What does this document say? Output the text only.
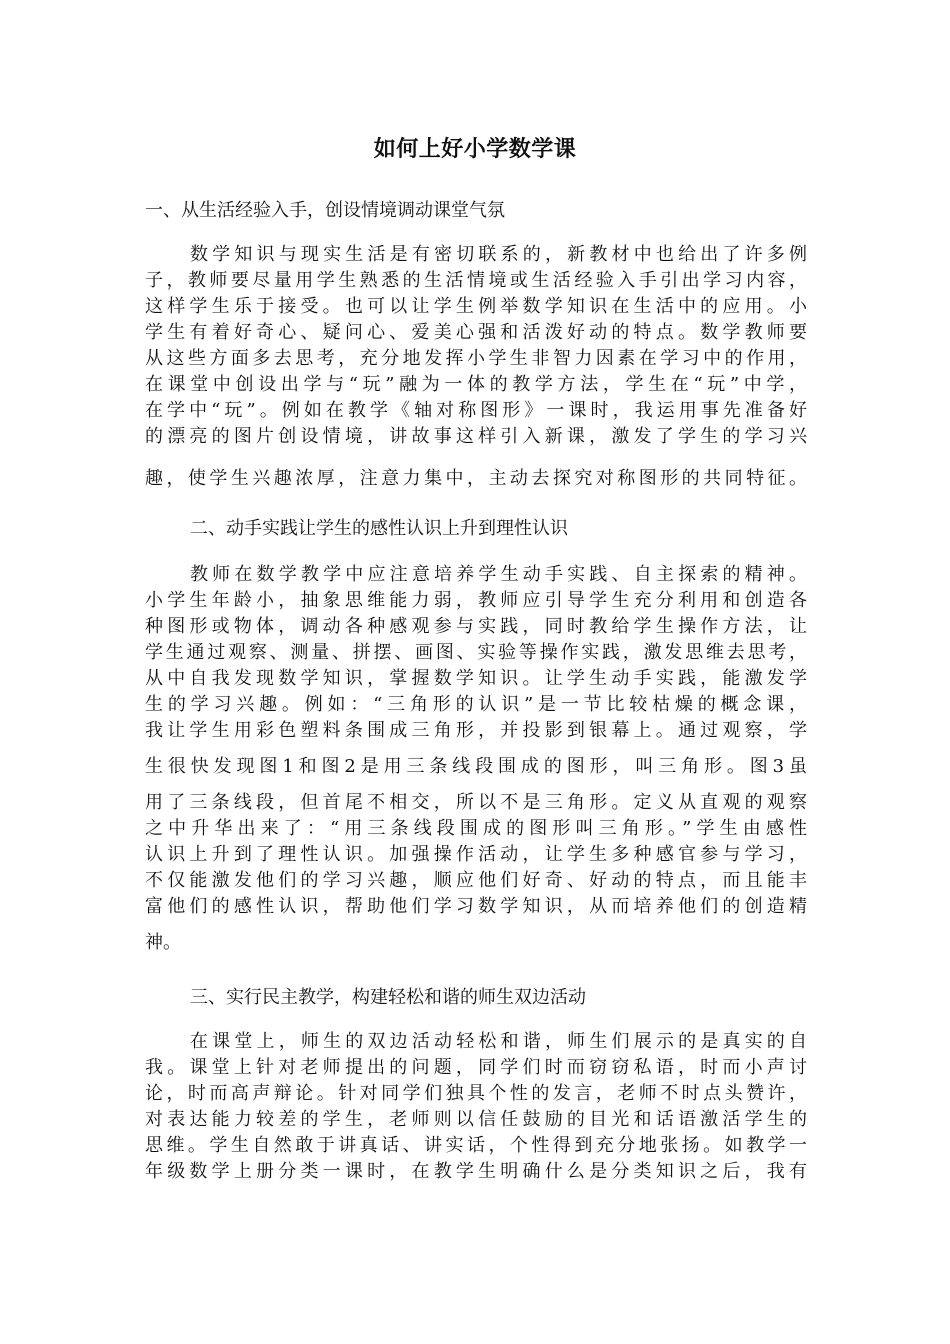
如何上好小学数学课
一、从生活经验入手，创设情境调动课堂气氛
数学知识与现实生活是有密切联系的，新教材中也给出了许多例
子，教师要尽量用学生熟悉的生活情境或生活经验入手引出学习内容，
这样学生乐于接受。也可以让学生例举数学知识在生活中的应用。小
学生有着好奇心、疑问心、爱美心强和活泼好动的特点。数学教师要
从这些方面多去思考，充分地发挥小学生非智力因素在学习中的作用，
在课堂中创设出学与“玩”融为一体的教学方法，学生在“玩”中学，
在学中“玩”。例如在教学《轴对称图形》一课时，我运用事先准备好
的漂亮的图片创设情境，讲故事这样引入新课，激发了学生的学习兴
趣，使学生兴趣浓厚，注意力集中，主动去探究对称图形的共同特征。
二、动手实践让学生的感性认识上升到理性认识
教师在数学教学中应注意培养学生动手实践、自主探索的精神。
小学生年龄小，抽象思维能力弱，教师应引导学生充分利用和创造各
种图形或物体，调动各种感观参与实践，同时教给学生操作方法，让
学生通过观察、测量、拼摆、画图、实验等操作实践，激发思维去思考，
从中自我发现数学知识，掌握数学知识。让学生动手实践，能激发学
生的学习兴趣。例如：“三角形的认识”是一节比较枯燥的概念课，
我让学生用彩色塑料条围成三角形，并投影到银幕上。通过观察，学
生很快发现图1和图2是用三条线段围成的图形，叫三角形。图3虽
用了三条线段，但首尾不相交，所以不是三角形。定义从直观的观察
之中升华出来了：“用三条线段围成的图形叫三角形。”学生由感性
认识上升到了理性认识。加强操作活动，让学生多种感官参与学习，
不仅能激发他们的学习兴趣，顺应他们好奇、好动的特点，而且能丰
富他们的感性认识，帮助他们学习数学知识，从而培养他们的创造精
神。
三、实行民主教学，构建轻松和谐的师生双边活动
在课堂上，师生的双边活动轻松和谐，师生们展示的是真实的自
我。课堂上针对老师提出的问题，同学们时而窃窃私语，时而小声讨
论，时而高声辩论。针对同学们独具个性的发言，老师不时点头赞许，
对表达能力较差的学生，老师则以信任鼓励的目光和话语激活学生的
思维。学生自然敢于讲真话、讲实话，个性得到充分地张扬。如教学一
年级数学上册分类一课时，在教学生明确什么是分类知识之后，我有
